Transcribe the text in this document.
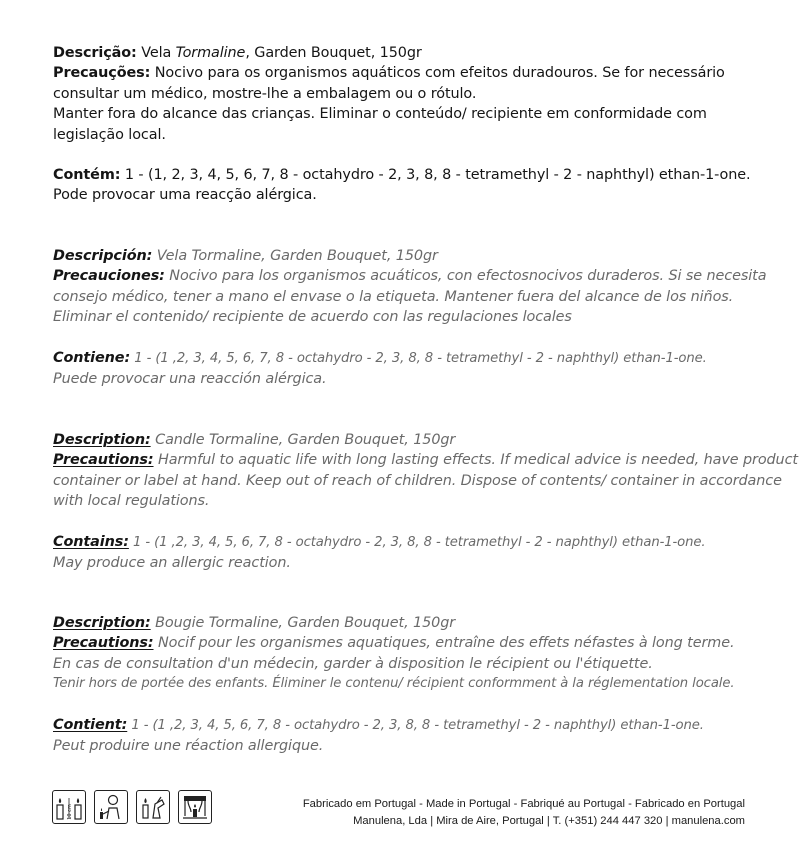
Descrição: Vela Tormaline, Garden Bouquet, 150gr
Precauções: Nocivo para os organismos aquáticos com efeitos duradouros. Se for necessário
consultar um médico, mostre-lhe a embalagem ou o rótulo.
Manter fora do alcance das crianças. Eliminar o conteúdo/ recipiente em conformidade com
legislação local.
Contém: 1 - (1, 2, 3, 4, 5, 6, 7, 8 - octahydro - 2, 3, 8, 8 - tetramethyl - 2 - naphthyl) ethan-1-one.
Pode provocar uma reacção alérgica.
Descripción: Vela Tormaline, Garden Bouquet, 150gr
Precauciones: Nocivo para los organismos acuáticos, con efectosnocivos duraderos. Si se necesita
consejo médico, tener a mano el envase o la etiqueta. Mantener fuera del alcance de los niños.
Eliminar el contenido/ recipiente de acuerdo con las regulaciones locales
Contiene: 1 - (1 ,2, 3, 4, 5, 6, 7, 8 - octahydro - 2, 3, 8, 8 - tetramethyl - 2 - naphthyl) ethan-1-one.
Puede provocar una reacción alérgica.
Description: Candle Tormaline, Garden Bouquet, 150gr
Precautions: Harmful to aquatic life with long lasting effects. If medical advice is needed, have product
container or label at hand. Keep out of reach of children. Dispose of contents/ container in accordance
with local regulations.
Contains: 1 - (1 ,2, 3, 4, 5, 6, 7, 8 - octahydro - 2, 3, 8, 8 - tetramethyl - 2 - naphthyl) ethan-1-one.
May produce an allergic reaction.
Description: Bougie Tormaline, Garden Bouquet, 150gr
Precautions: Nocif pour les organismes aquatiques, entraîne des effets néfastes à long terme.
En cas de consultation d'un médecin, garder à disposition le récipient ou l'étiquette.
Tenir hors de portée des enfants. Éliminer le contenu/ récipient conformment à la réglementation locale.
Contient: 1 - (1 ,2, 3, 4, 5, 6, 7, 8 - octahydro - 2, 3, 8, 8 - tetramethyl - 2 - naphthyl) ethan-1-one.
Peut produire une réaction allergique.
10 cm
Fabricado em Portugal - Made in Portugal - Fabriqué au Portugal - Fabricado en Portugal
Manulena, Lda | Mira de Aire, Portugal | T. (+351) 244 447 320 | manulena.com
